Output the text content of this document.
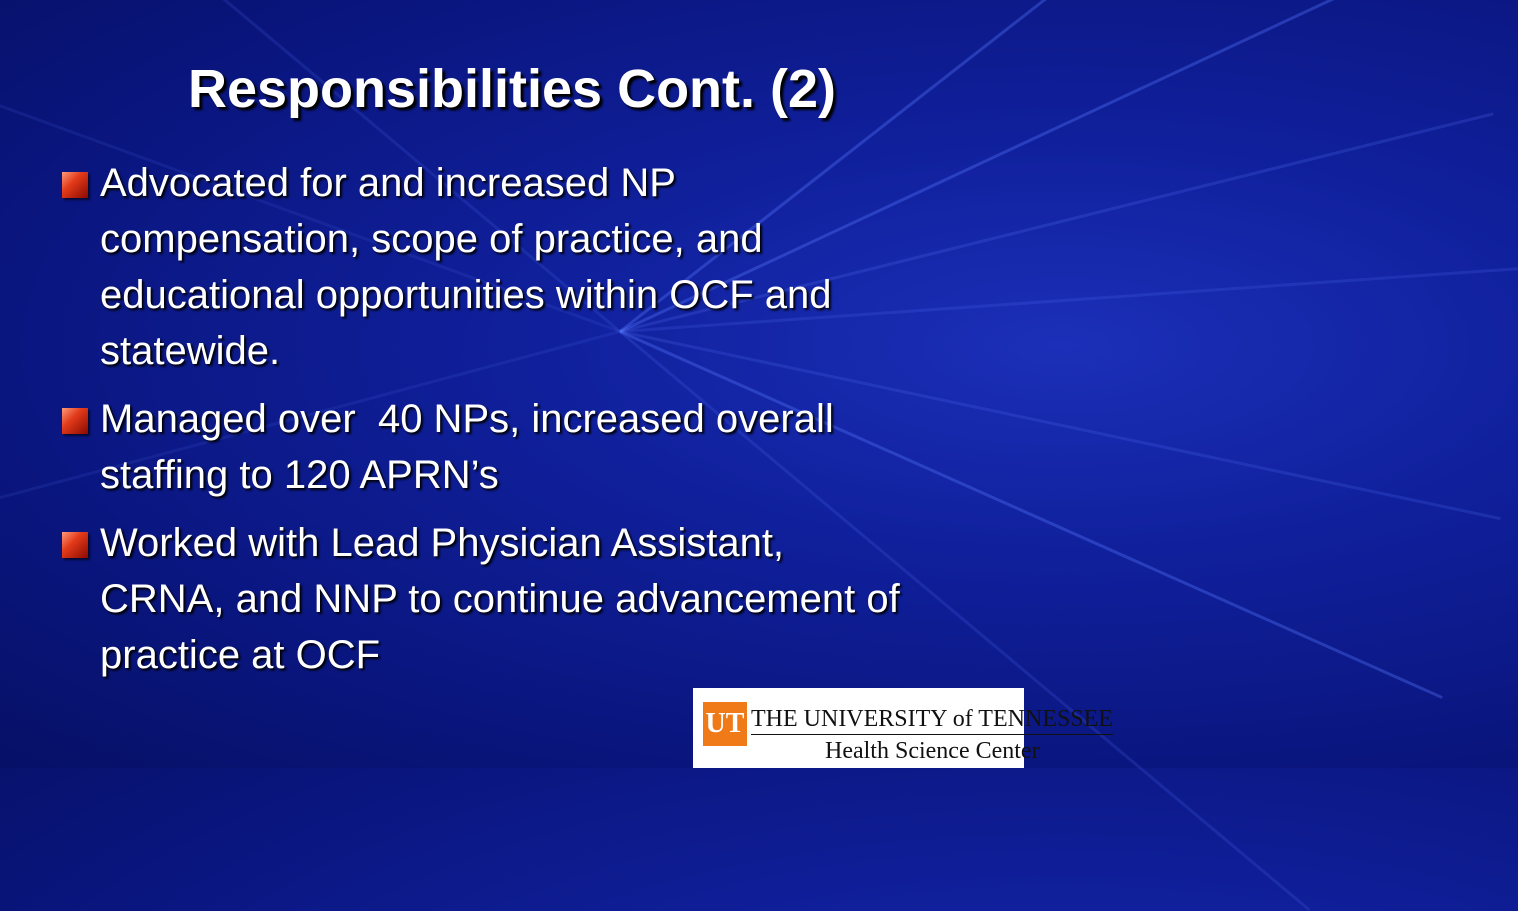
Responsibilities Cont. (2)
Advocated for and increased NP compensation, scope of practice, and educational opportunities within OCF and statewide.
Managed over  40 NPs, increased overall staffing to 120 APRN’s
Worked with Lead Physician Assistant, CRNA, and NNP to continue advancement of practice at OCF
UT THE UNIVERSITY of TENNESSEE
Health Science Center
